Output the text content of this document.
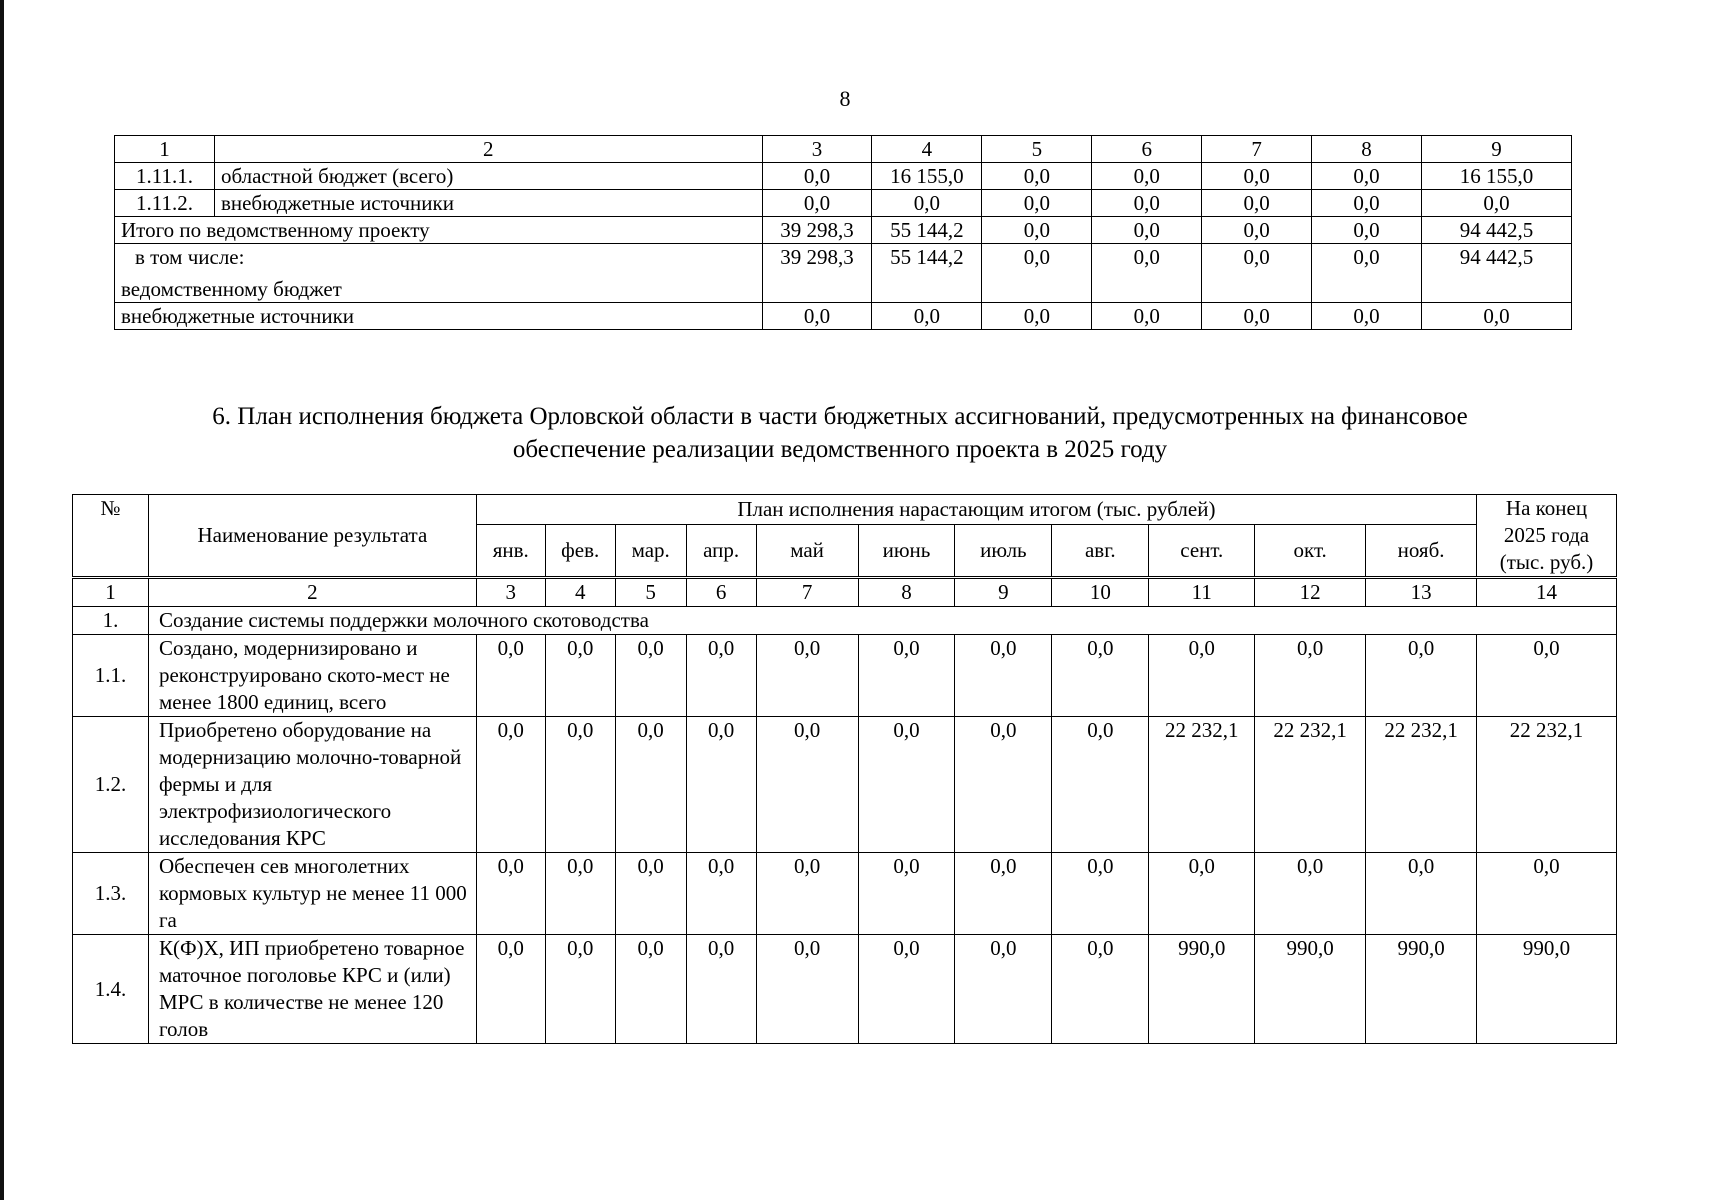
8
1	2	3	4	5	6	7	8	9
1.11.1.	областной бюджет (всего)	0,0	16 155,0	0,0	0,0	0,0	0,0	16 155,0
1.11.2.	внебюджетные источники	0,0	0,0	0,0	0,0	0,0	0,0	0,0
Итого по ведомственному проекту		39 298,3	55 144,2	0,0	0,0	0,0	0,0	94 442,5

в том числе:
ведомственному бюджет		39 298,3	55 144,2	0,0	0,0	0,0	0,0	94 442,5
внебюджетные источники		0,0	0,0	0,0	0,0	0,0	0,0	0,0
6. План исполнения бюджета Орловской области в части бюджетных ассигнований, предусмотренных на финансовое
обеспечение реализации ведомственного проекта в 2025 году
№	Наименование результата	План исполнения нарастающим итогом (тыс. рублей)											На конец
2025 года
(тыс. руб.)

		янв.	фев.	мар.	апр.	май	июнь	июль	авг.	сент.	окт.	нояб.	
1	2	3	4	5	6	7	8	9	10	11	12	13	14
1.	Создание системы поддержки молочного скотоводства												
1.1.	Создано, модернизировано и реконструировано ското-мест не менее 1800 единиц, всего	0,0	0,0	0,0	0,0	0,0	0,0	0,0	0,0	0,0	0,0	0,0	0,0
1.2.	Приобретено оборудование на модернизацию молочно-товарной фермы и для электрофизиологического исследования КРС	0,0	0,0	0,0	0,0	0,0	0,0	0,0	0,0	22 232,1	22 232,1	22 232,1	22 232,1
1.3.	Обеспечен сев многолетних кормовых культур не менее 11 000 га	0,0	0,0	0,0	0,0	0,0	0,0	0,0	0,0	0,0	0,0	0,0	0,0
1.4.	К(Ф)Х, ИП приобретено товарное маточное поголовье КРС и (или) МРС в количестве не менее 120 голов	0,0	0,0	0,0	0,0	0,0	0,0	0,0	0,0	990,0	990,0	990,0	990,0
